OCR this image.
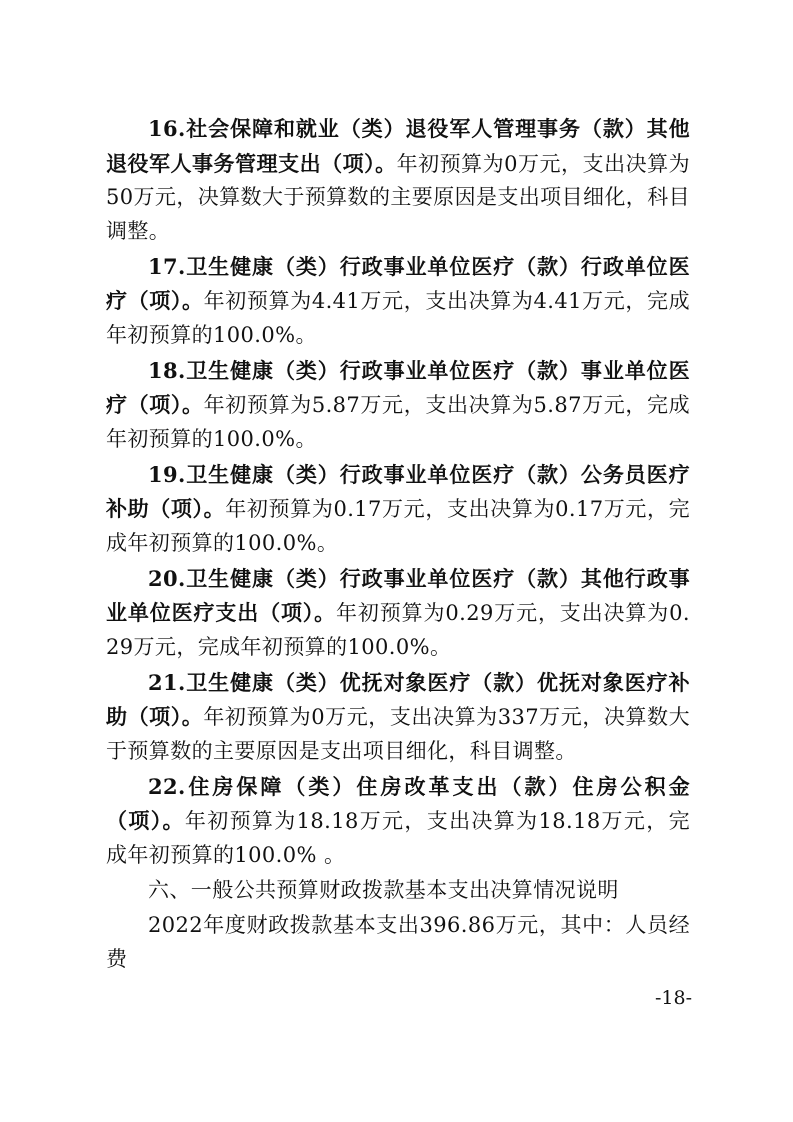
16.社会保障和就业（类）退役军人管理事务（款）其他退役军人事务管理支出（项）。年初预算为0万元，支出决算为50万元，决算数大于预算数的主要原因是支出项目细化，科目调整。

17.卫生健康（类）行政事业单位医疗（款）行政单位医疗（项）。年初预算为4.41万元，支出决算为4.41万元，完成年初预算的100.0%。

18.卫生健康（类）行政事业单位医疗（款）事业单位医疗（项）。年初预算为5.87万元，支出决算为5.87万元，完成年初预算的100.0%。

19.卫生健康（类）行政事业单位医疗（款）公务员医疗补助（项）。年初预算为0.17万元，支出决算为0.17万元，完成年初预算的100.0%。

20.卫生健康（类）行政事业单位医疗（款）其他行政事业单位医疗支出（项）。年初预算为0.29万元，支出决算为0.29万元，完成年初预算的100.0%。

21.卫生健康（类）优抚对象医疗（款）优抚对象医疗补助（项）。年初预算为0万元，支出决算为337万元，决算数大于预算数的主要原因是支出项目细化，科目调整。

22.住房保障（类）住房改革支出（款）住房公积金（项）。年初预算为18.18万元，支出决算为18.18万元，完成年初预算的100.0% 。

六、一般公共预算财政拨款基本支出决算情况说明

2022年度财政拨款基本支出396.86万元，其中：人员经费

-18-
